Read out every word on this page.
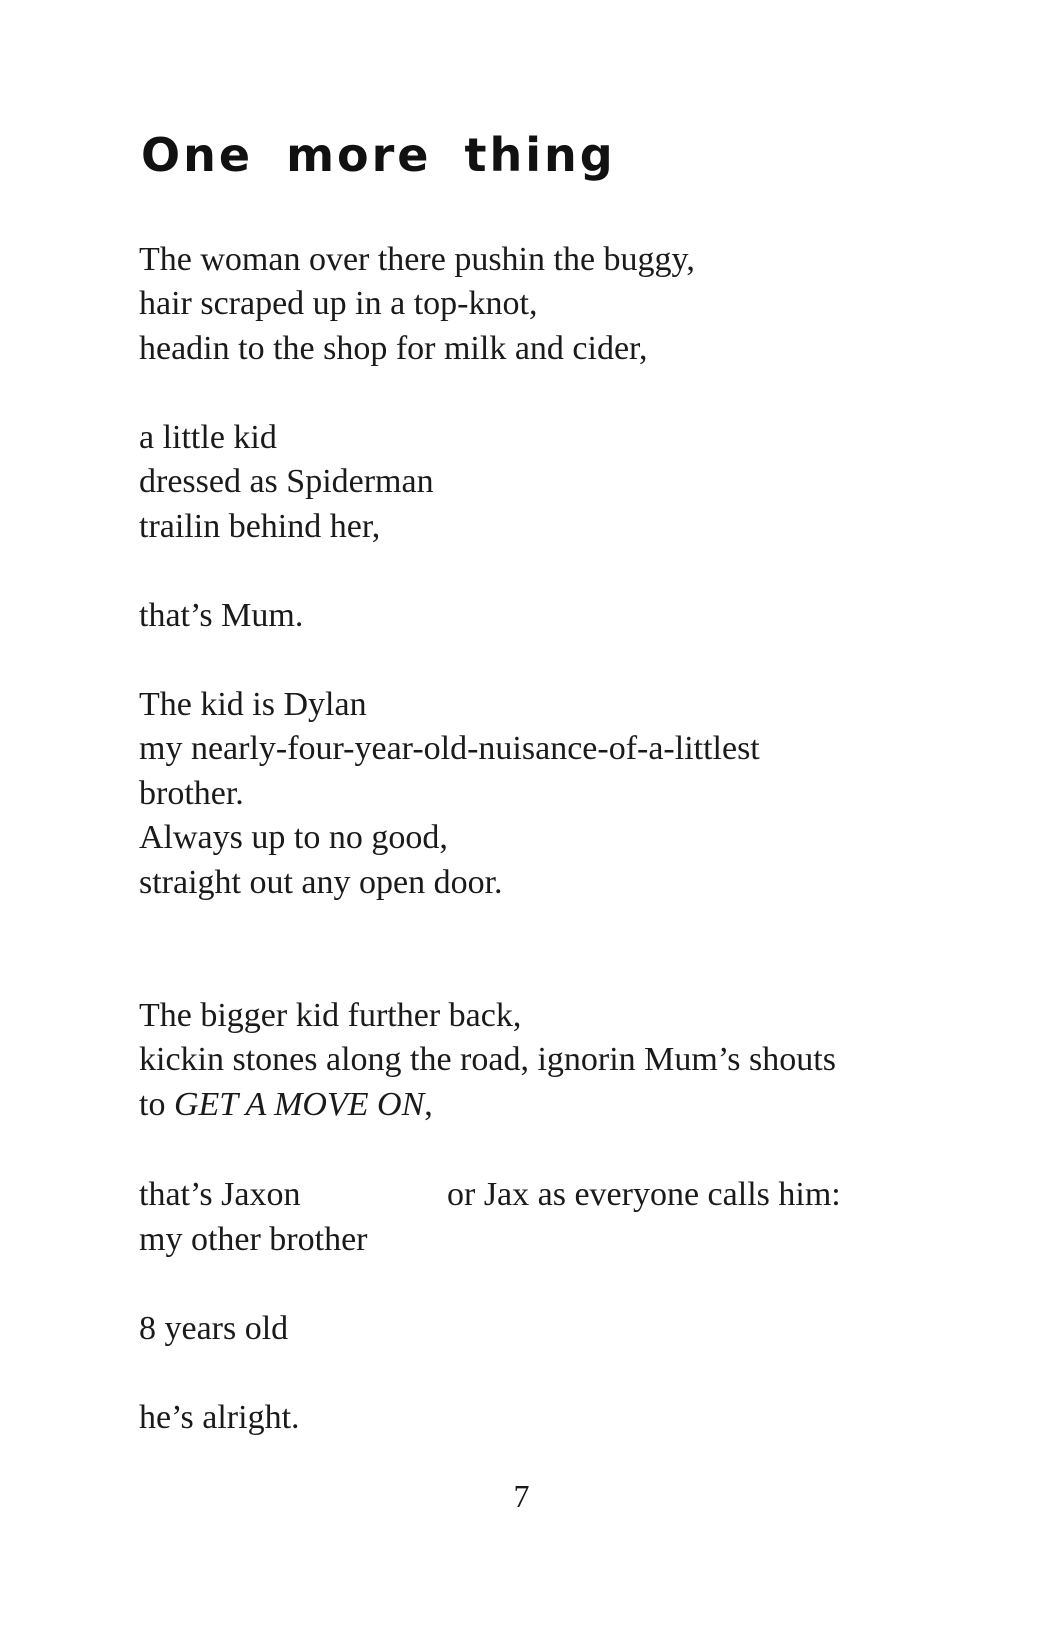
One more thing

The woman over there pushin the buggy,

hair scraped up in a top-knot,

headin to the shop for milk and cider,

a little kid

dressed as Spiderman

trailin behind her,

that’s Mum.

The kid is Dylan

my nearly-four-year-old-nuisance-of-a-littlest

brother.

Always up to no good,

straight out any open door.

The bigger kid further back,

kickin stones along the road, ignorin Mum’s shouts

to GET A MOVE ON,

that’s Jaxon	or Jax as everyone calls him:

my other brother

8 years old

he’s alright.

7
